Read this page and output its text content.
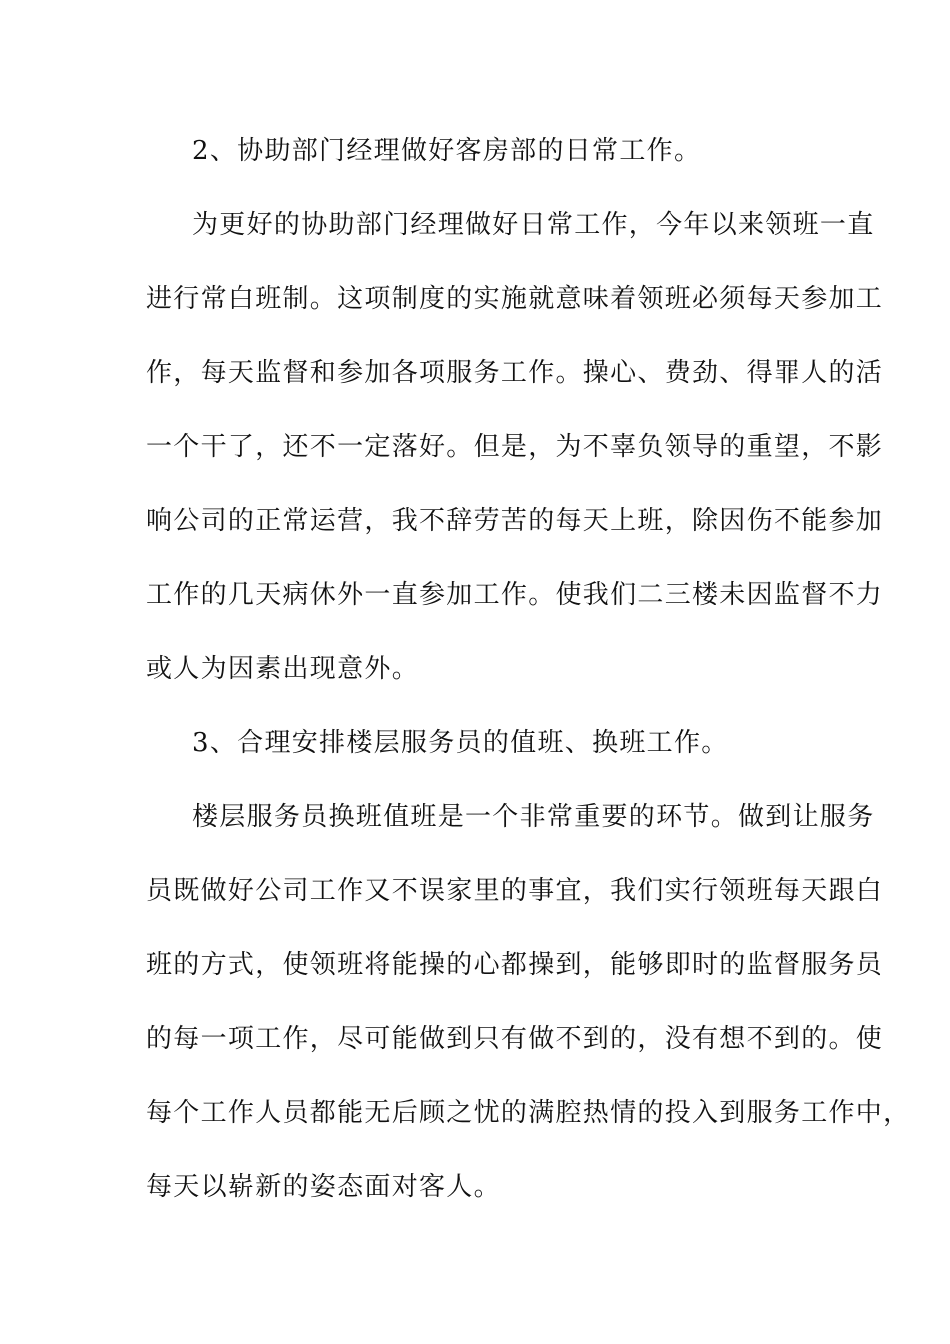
2、协助部门经理做好客房部的日常工作。

为更好的协助部门经理做好日常工作，今年以来领班一直

进行常白班制。这项制度的实施就意味着领班必须每天参加工

作，每天监督和参加各项服务工作。操心、费劲、得罪人的活

一个干了，还不一定落好。但是，为不辜负领导的重望，不影

响公司的正常运营，我不辞劳苦的每天上班，除因伤不能参加

工作的几天病休外一直参加工作。使我们二三楼未因监督不力

或人为因素出现意外。

3、合理安排楼层服务员的值班、换班工作。

楼层服务员换班值班是一个非常重要的环节。做到让服务

员既做好公司工作又不误家里的事宜，我们实行领班每天跟白

班的方式，使领班将能操的心都操到，能够即时的监督服务员

的每一项工作，尽可能做到只有做不到的，没有想不到的。使

每个工作人员都能无后顾之忧的满腔热情的投入到服务工作中，

每天以崭新的姿态面对客人。
